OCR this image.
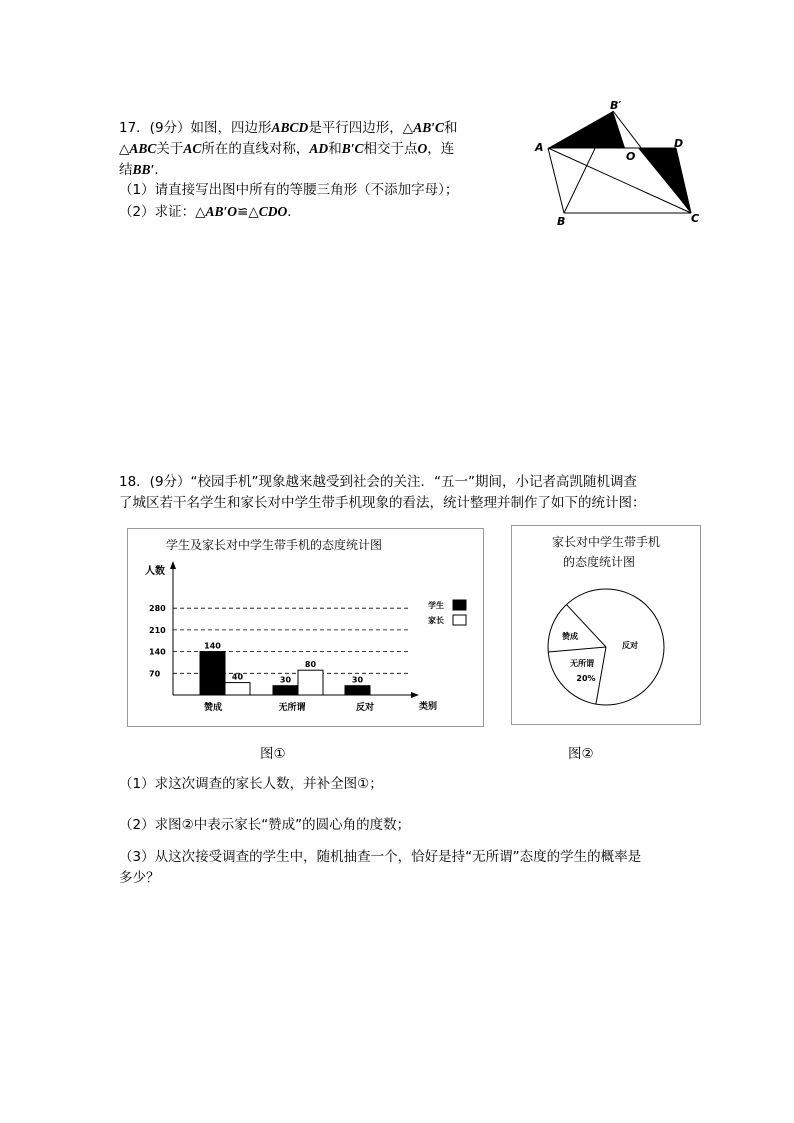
17．(9分）如图，四边形ABCD是平行四边形，△AB′C和
△ABC关于AC所在的直线对称，AD和B′C相交于点O，连
结BB′．
（1）请直接写出图中所有的等腰三角形（不添加字母）；
（2）求证：△AB′O≌△CDO．
A
B′
O
D
B	C
18．(9分）“校园手机”现象越来越受到社会的关注．“五一”期间，小记者高凯随机调查
了城区若干名学生和家长对中学生带手机现象的看法，统计整理并制作了如下的统计图：
学生及家长对中学生带手机的态度统计图
人数
类别
70
140
210
280
赞成
140
40
无所谓
30
80
反对
30
学生
家长
图①
家长对中学生带手机
的态度统计图
赞成
无所谓
20%
反对
图②
（1）求这次调查的家长人数，并补全图①；
（2）求图②中表示家长“赞成”的圆心角的度数；
（3）从这次接受调查的学生中，随机抽查一个，恰好是持“无所谓”态度的学生的概率是
多少？
